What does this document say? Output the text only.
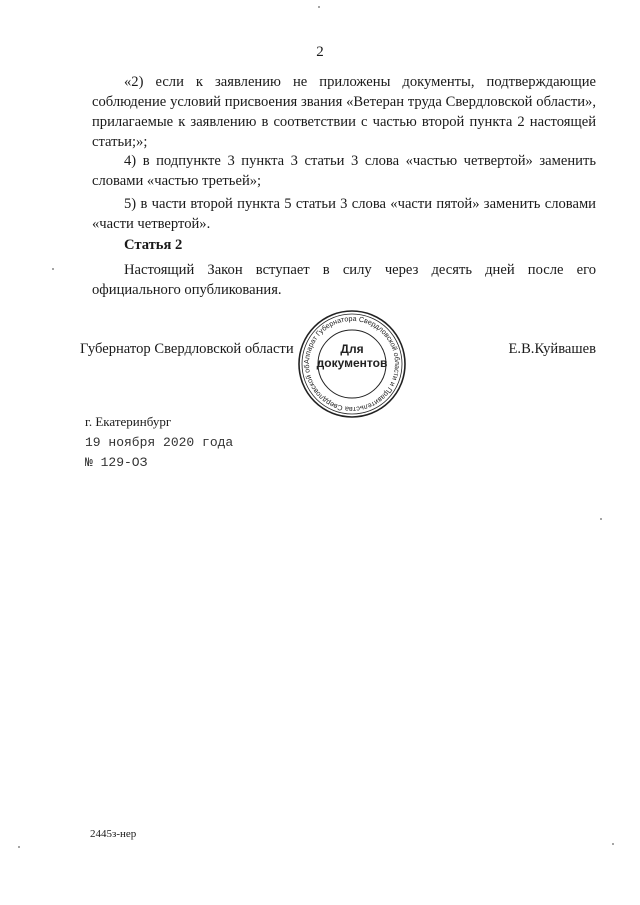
2

«2) если к заявлению не приложены документы, подтверждающие соблюдение условий присвоения звания «Ветеран труда Свердловской области», прилагаемые к заявлению в соответствии с частью второй пункта 2 настоящей статьи;»;

4) в подпункте 3 пункта 3 статьи 3 слова «частью четвертой» заменить словами «частью третьей»;

5) в части второй пункта 5 статьи 3 слова «части пятой» заменить словами «части четвертой».

Статья 2

Настоящий Закон вступает в силу через десять дней после его официального опубликования.

Губернатор Свердловской области	Е.В.Куйвашев
Аппарат Губернатора Свердловской области и Правительства Свердловской об
Для
документов
г. Екатеринбург
19 ноября 2020 года
№ 129-ОЗ
2445з-нер
